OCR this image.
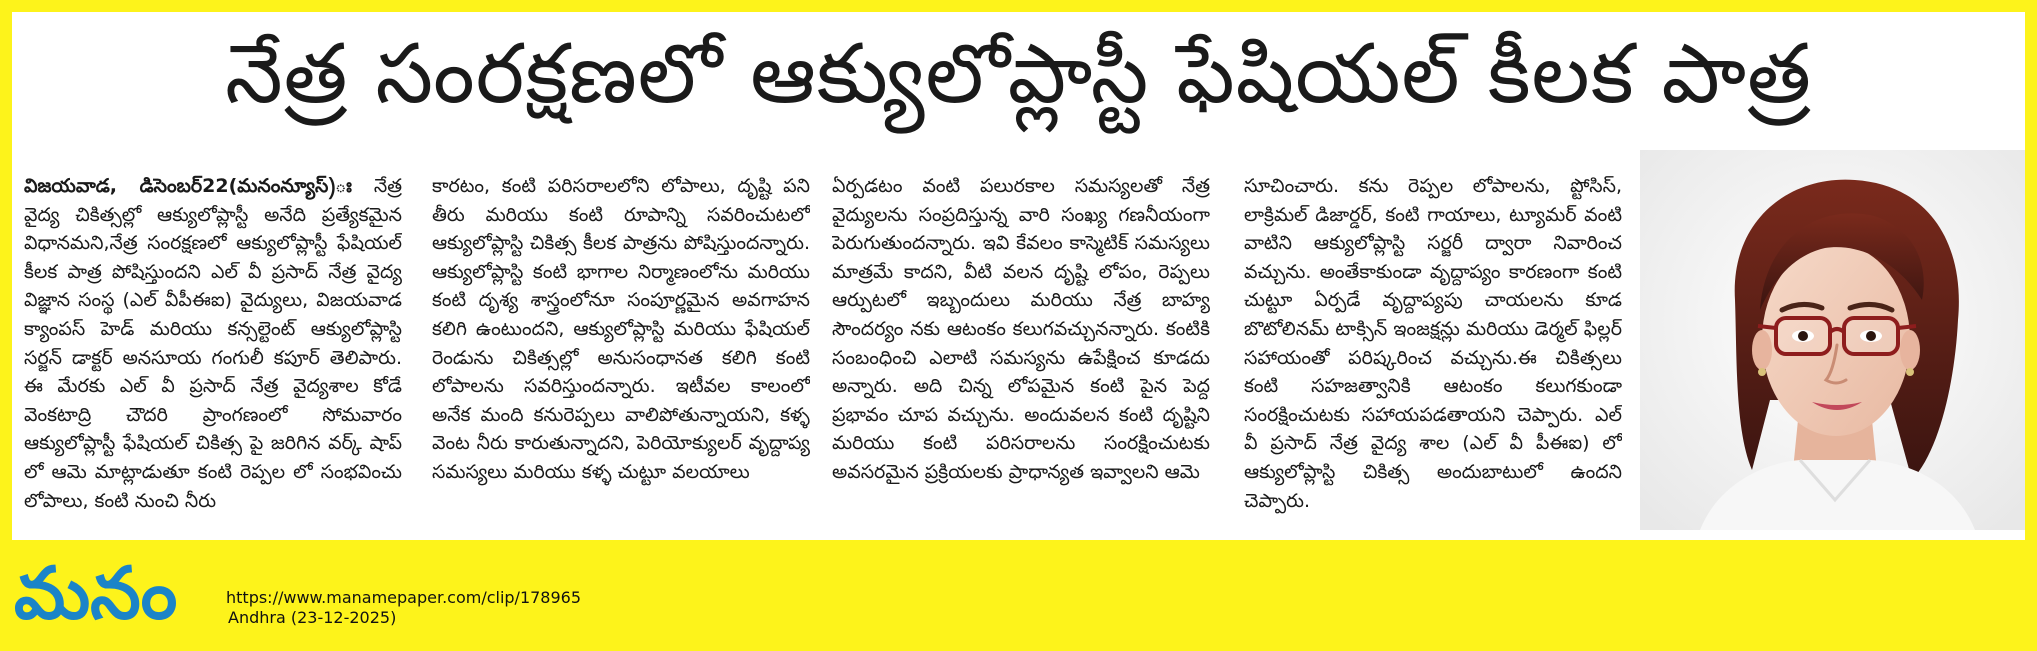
నేత్ర సంరక్షణలో ఆక్యులోప్లాస్టీ ఫేషియల్ కీలక పాత్ర
విజయవాడ, డిసెంబర్22(మనంన్యూస్)ః నేత్ర వైద్య చికిత్సల్లో ఆక్యులోప్లాస్టీ అనేది ప్రత్యేకమైన విధానమని,నేత్ర సంరక్షణలో ఆక్యులోప్లాస్టీ ఫేషియల్ కీలక పాత్ర పోషిస్తుందని ఎల్ వీ ప్రసాద్ నేత్ర వైద్య విజ్ఞాన సంస్థ (ఎల్ వీపీఈఐ) వైద్యులు, విజయవాడ క్యాంపస్ హెడ్ మరియు కన్సల్టెంట్ ఆక్యులోప్లాస్టి సర్జన్ డాక్టర్ అనసూయ గంగులీ కపూర్ తెలిపారు. ఈ మేరకు ఎల్ వీ ప్రసాద్ నేత్ర వైద్యశాల కోడే వెంకటాద్రి చౌదరి ప్రాంగణంలో సోమవారం ఆక్యులోప్లాస్టీ ఫేషియల్ చికిత్స పై జరిగిన వర్క్ షాప్ లో ఆమె మాట్లాడుతూ కంటి రెప్పల లో సంభవించు లోపాలు, కంటి నుంచి నీరు
కారటం, కంటి పరిసరాలలోని లోపాలు, దృష్టి పని తీరు మరియు కంటి రూపాన్ని సవరించుటలో ఆక్యులోప్లాస్టి చికిత్స కీలక పాత్రను పోషిస్తుందన్నారు. ఆక్యులోప్లాస్టి కంటి భాగాల నిర్మాణంలోను మరియు కంటి దృశ్య శాస్త్రంలోనూ సంపూర్ణమైన అవగాహన కలిగి ఉంటుందని, ఆక్యులోప్లాస్టి మరియు ఫేషియల్ రెండును చికిత్సల్లో అనుసంధానత కలిగి కంటి లోపాలను సవరిస్తుందన్నారు. ఇటీవల కాలంలో అనేక మంది కనురెప్పలు వాలిపోతున్నాయని, కళ్ళ వెంట నీరు కారుతున్నాదని, పెరియోక్యులర్ వృద్దాప్య సమస్యలు మరియు కళ్ళ చుట్టూ వలయాలు
ఏర్పడటం వంటి పలురకాల సమస్యలతో నేత్ర వైద్యులను సంప్రదిస్తున్న వారి సంఖ్య గణనీయంగా పెరుగుతుందన్నారు. ఇవి కేవలం కాస్మెటిక్ సమస్యలు మాత్రమే కాదని, వీటి వలన దృష్టి లోపం, రెప్పలు ఆర్పుటలో ఇబ్బందులు మరియు నేత్ర బాహ్య సౌందర్యం నకు ఆటంకం కలుగవచ్చునన్నారు. కంటికి సంబంధించి ఎలాటి సమస్యను ఉపేక్షించ కూడదు అన్నారు. అది చిన్న లోపమైన కంటి పైన పెద్ద ప్రభావం చూప వచ్చును. అందువలన కంటి దృష్టిని మరియు కంటి పరిసరాలను సంరక్షించుటకు అవసరమైన ప్రక్రియలకు ప్రాధాన్యత ఇవ్వాలని ఆమె
సూచించారు. కను రెప్పల లోపాలను, ప్టోసిస్, లాక్రిమల్ డిజార్డర్, కంటి గాయాలు, ట్యూమర్ వంటి వాటిని ఆక్యులోప్లాస్టి సర్జరీ ద్వారా నివారించ వచ్చును. అంతేకాకుండా వృద్దాప్యం కారణంగా కంటి చుట్టూ ఏర్పడే వృద్దాప్యపు చాయలను కూడ బొటోలినమ్ టాక్సిన్ ఇంజక్షన్లు మరియు డెర్మల్ ఫిల్లర్ సహాయంతో పరిష్కరించ వచ్చును.ఈ చికిత్సలు కంటి సహజత్వానికి ఆటంకం కలుగకుండా సంరక్షించుటకు సహాయపడతాయని చెప్పారు. ఎల్ వీ ప్రసాద్ నేత్ర వైద్య శాల (ఎల్ వీ పీఈఐ) లో ఆక్యులోప్లాస్టి చికిత్స అందుబాటులో ఉందని చెప్పారు.
మనం	https://www.manamepaper.com/clip/178965
Andhra (23-12-2025)
